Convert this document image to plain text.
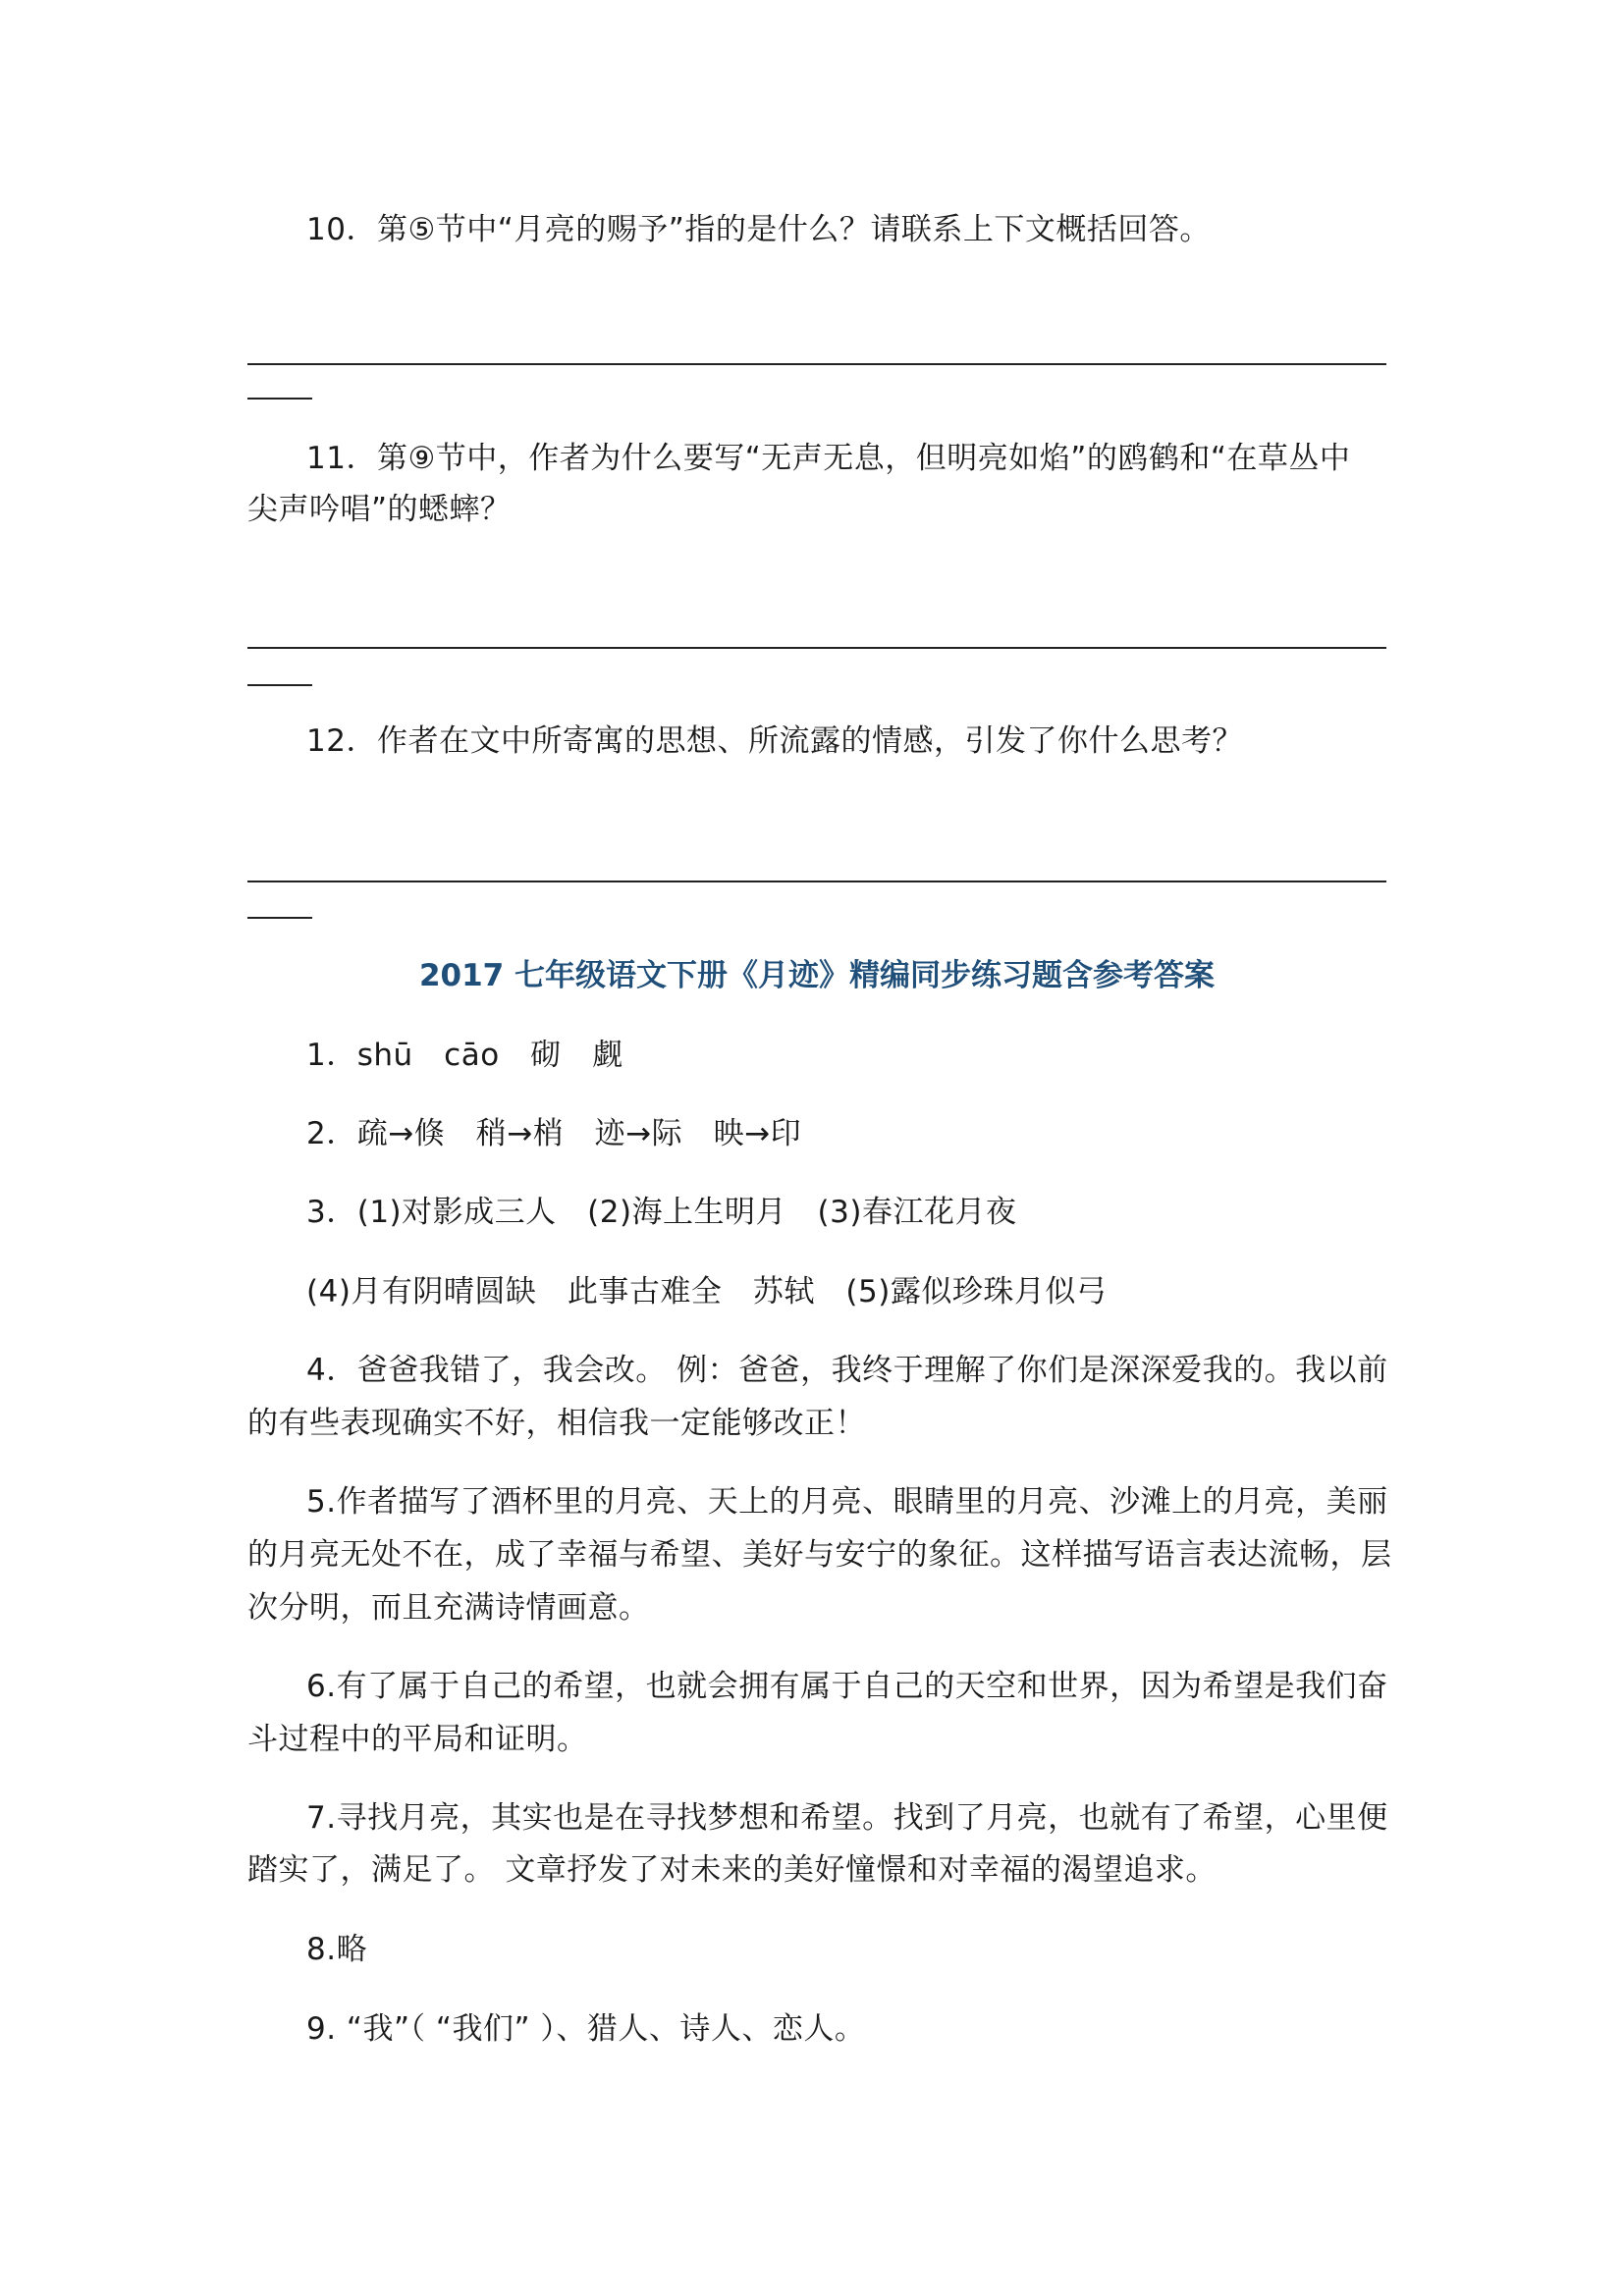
10．第⑤节中“月亮的赐予”指的是什么？请联系上下文概括回答。
11．第⑨节中，作者为什么要写“无声无息，但明亮如焰”的鸥鹤和“在草丛中
尖声吟唱”的蟋蟀？
12．作者在文中所寄寓的思想、所流露的情感，引发了你什么思考？
2017 七年级语文下册《月迹》精编同步练习题含参考答案
1．shū　cāo　砌　觑
2．疏→倏　稍→梢　迹→际　映→印
3．(1)对影成三人　(2)海上生明月　(3)春江花月夜
(4)月有阴晴圆缺　此事古难全　苏轼　(5)露似珍珠月似弓
4．爸爸我错了，我会改。 例：爸爸，我终于理解了你们是深深爱我的。我以前
的有些表现确实不好，相信我一定能够改正！
5.作者描写了酒杯里的月亮、天上的月亮、眼睛里的月亮、沙滩上的月亮，美丽
的月亮无处不在，成了幸福与希望、美好与安宁的象征。这样描写语言表达流畅，层
次分明，而且充满诗情画意。
6.有了属于自己的希望，也就会拥有属于自己的天空和世界，因为希望是我们奋
斗过程中的平局和证明。
7.寻找月亮，其实也是在寻找梦想和希望。找到了月亮，也就有了希望，心里便
踏实了，满足了。 文章抒发了对未来的美好憧憬和对幸福的渴望追求。
8.略
9. “我”（ “我们” ）、猎人、诗人、恋人。
